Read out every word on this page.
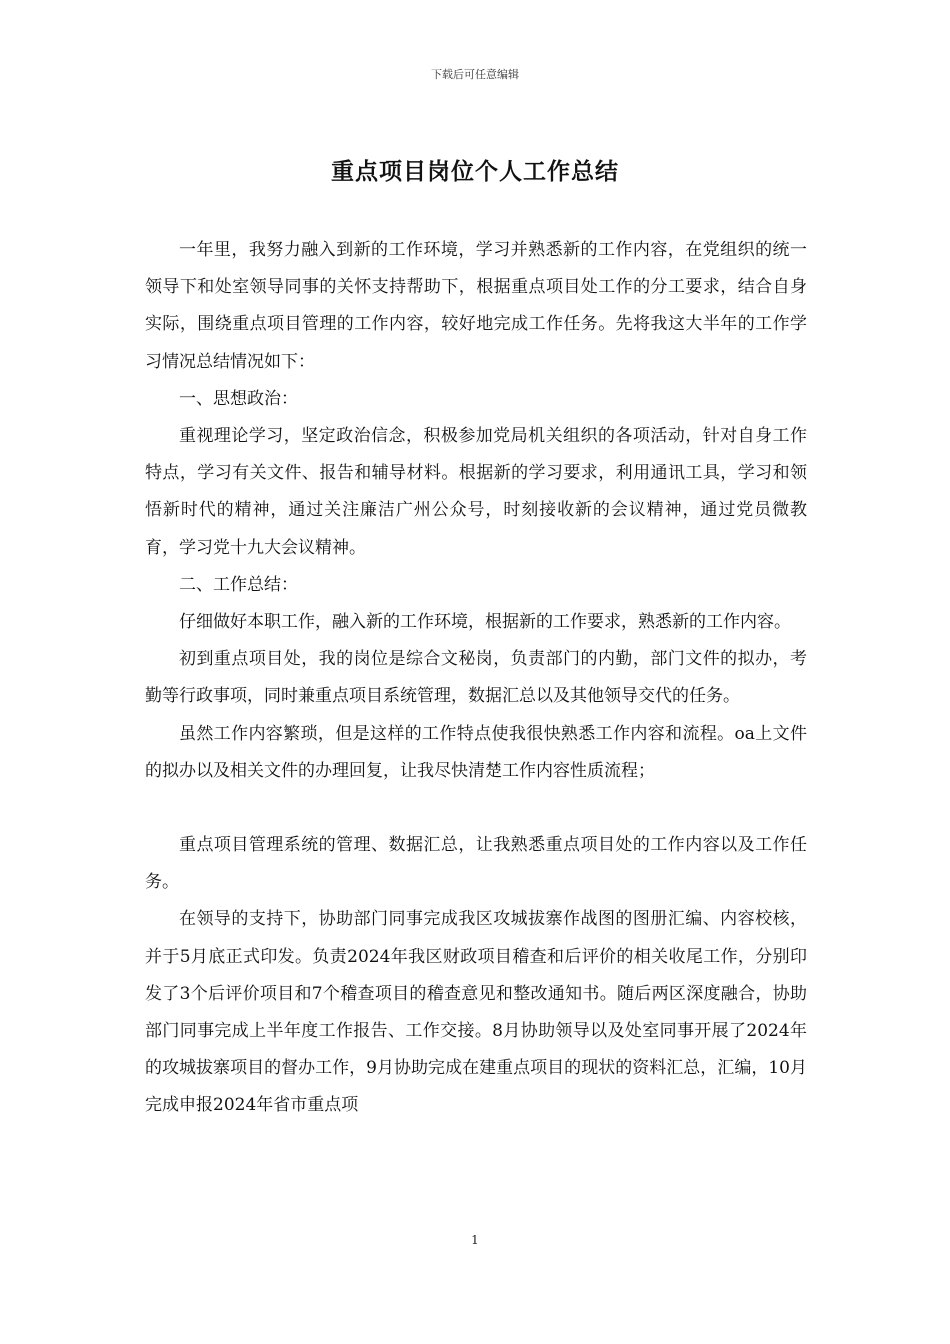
下载后可任意编辑
重点项目岗位个人工作总结

一年里，我努力融入到新的工作环境，学习并熟悉新的工作内容，在党组织的统一领导下和处室领导同事的关怀支持帮助下，根据重点项目处工作的分工要求，结合自身实际，围绕重点项目管理的工作内容，较好地完成工作任务。先将我这大半年的工作学习情况总结情况如下：

一、思想政治：

重视理论学习，坚定政治信念，积极参加党局机关组织的各项活动，针对自身工作特点，学习有关文件、报告和辅导材料。根据新的学习要求，利用通讯工具，学习和领悟新时代的精神，通过关注廉洁广州公众号，时刻接收新的会议精神，通过党员微教育，学习党十九大会议精神。

二、工作总结：

仔细做好本职工作，融入新的工作环境，根据新的工作要求，熟悉新的工作内容。

初到重点项目处，我的岗位是综合文秘岗，负责部门的内勤，部门文件的拟办，考勤等行政事项，同时兼重点项目系统管理，数据汇总以及其他领导交代的任务。

虽然工作内容繁琐，但是这样的工作特点使我很快熟悉工作内容和流程。oa上文件的拟办以及相关文件的办理回复，让我尽快清楚工作内容性质流程；

重点项目管理系统的管理、数据汇总，让我熟悉重点项目处的工作内容以及工作任务。

在领导的支持下，协助部门同事完成我区攻城拔寨作战图的图册汇编、内容校核，并于5月底正式印发。负责2024年我区财政项目稽查和后评价的相关收尾工作，分别印发了3个后评价项目和7个稽查项目的稽查意见和整改通知书。随后两区深度融合，协助部门同事完成上半年度工作报告、工作交接。8月协助领导以及处室同事开展了2024年的攻城拔寨项目的督办工作，9月协助完成在建重点项目的现状的资料汇总，汇编，10月完成申报2024年省市重点项

1
